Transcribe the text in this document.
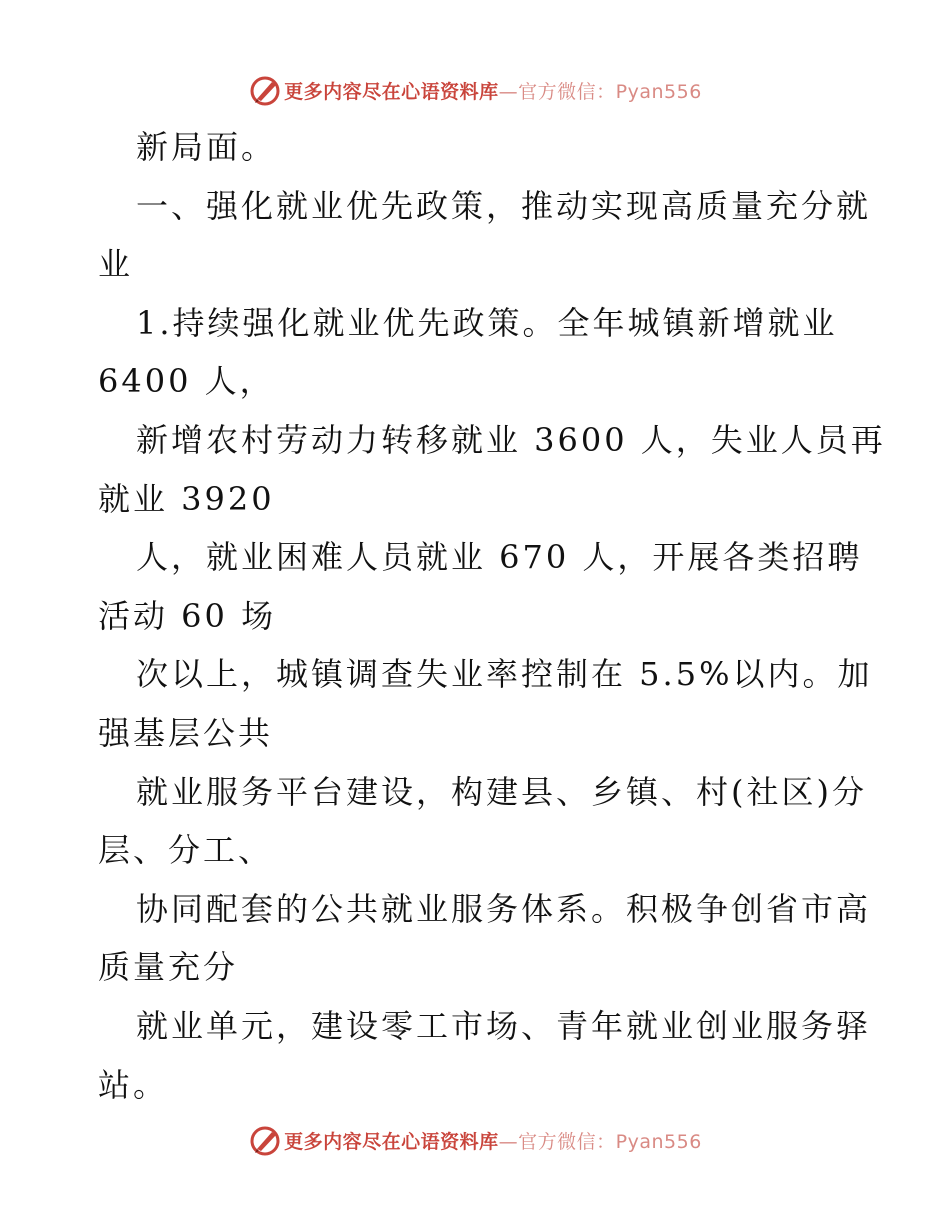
更多内容尽在心语资料库—官方微信：Pyan556
新局面。
一、强化就业优先政策，推动实现高质量充分就
业
1.持续强化就业优先政策。全年城镇新增就业
6400 人，
新增农村劳动力转移就业 3600 人，失业人员再
就业 3920
人，就业困难人员就业 670 人，开展各类招聘
活动 60 场
次以上，城镇调查失业率控制在 5.5%以内。加
强基层公共
就业服务平台建设，构建县、乡镇、村(社区)分
层、分工、
协同配套的公共就业服务体系。积极争创省市高
质量充分
就业单元，建设零工市场、青年就业创业服务驿
站。
更多内容尽在心语资料库—官方微信：Pyan556
